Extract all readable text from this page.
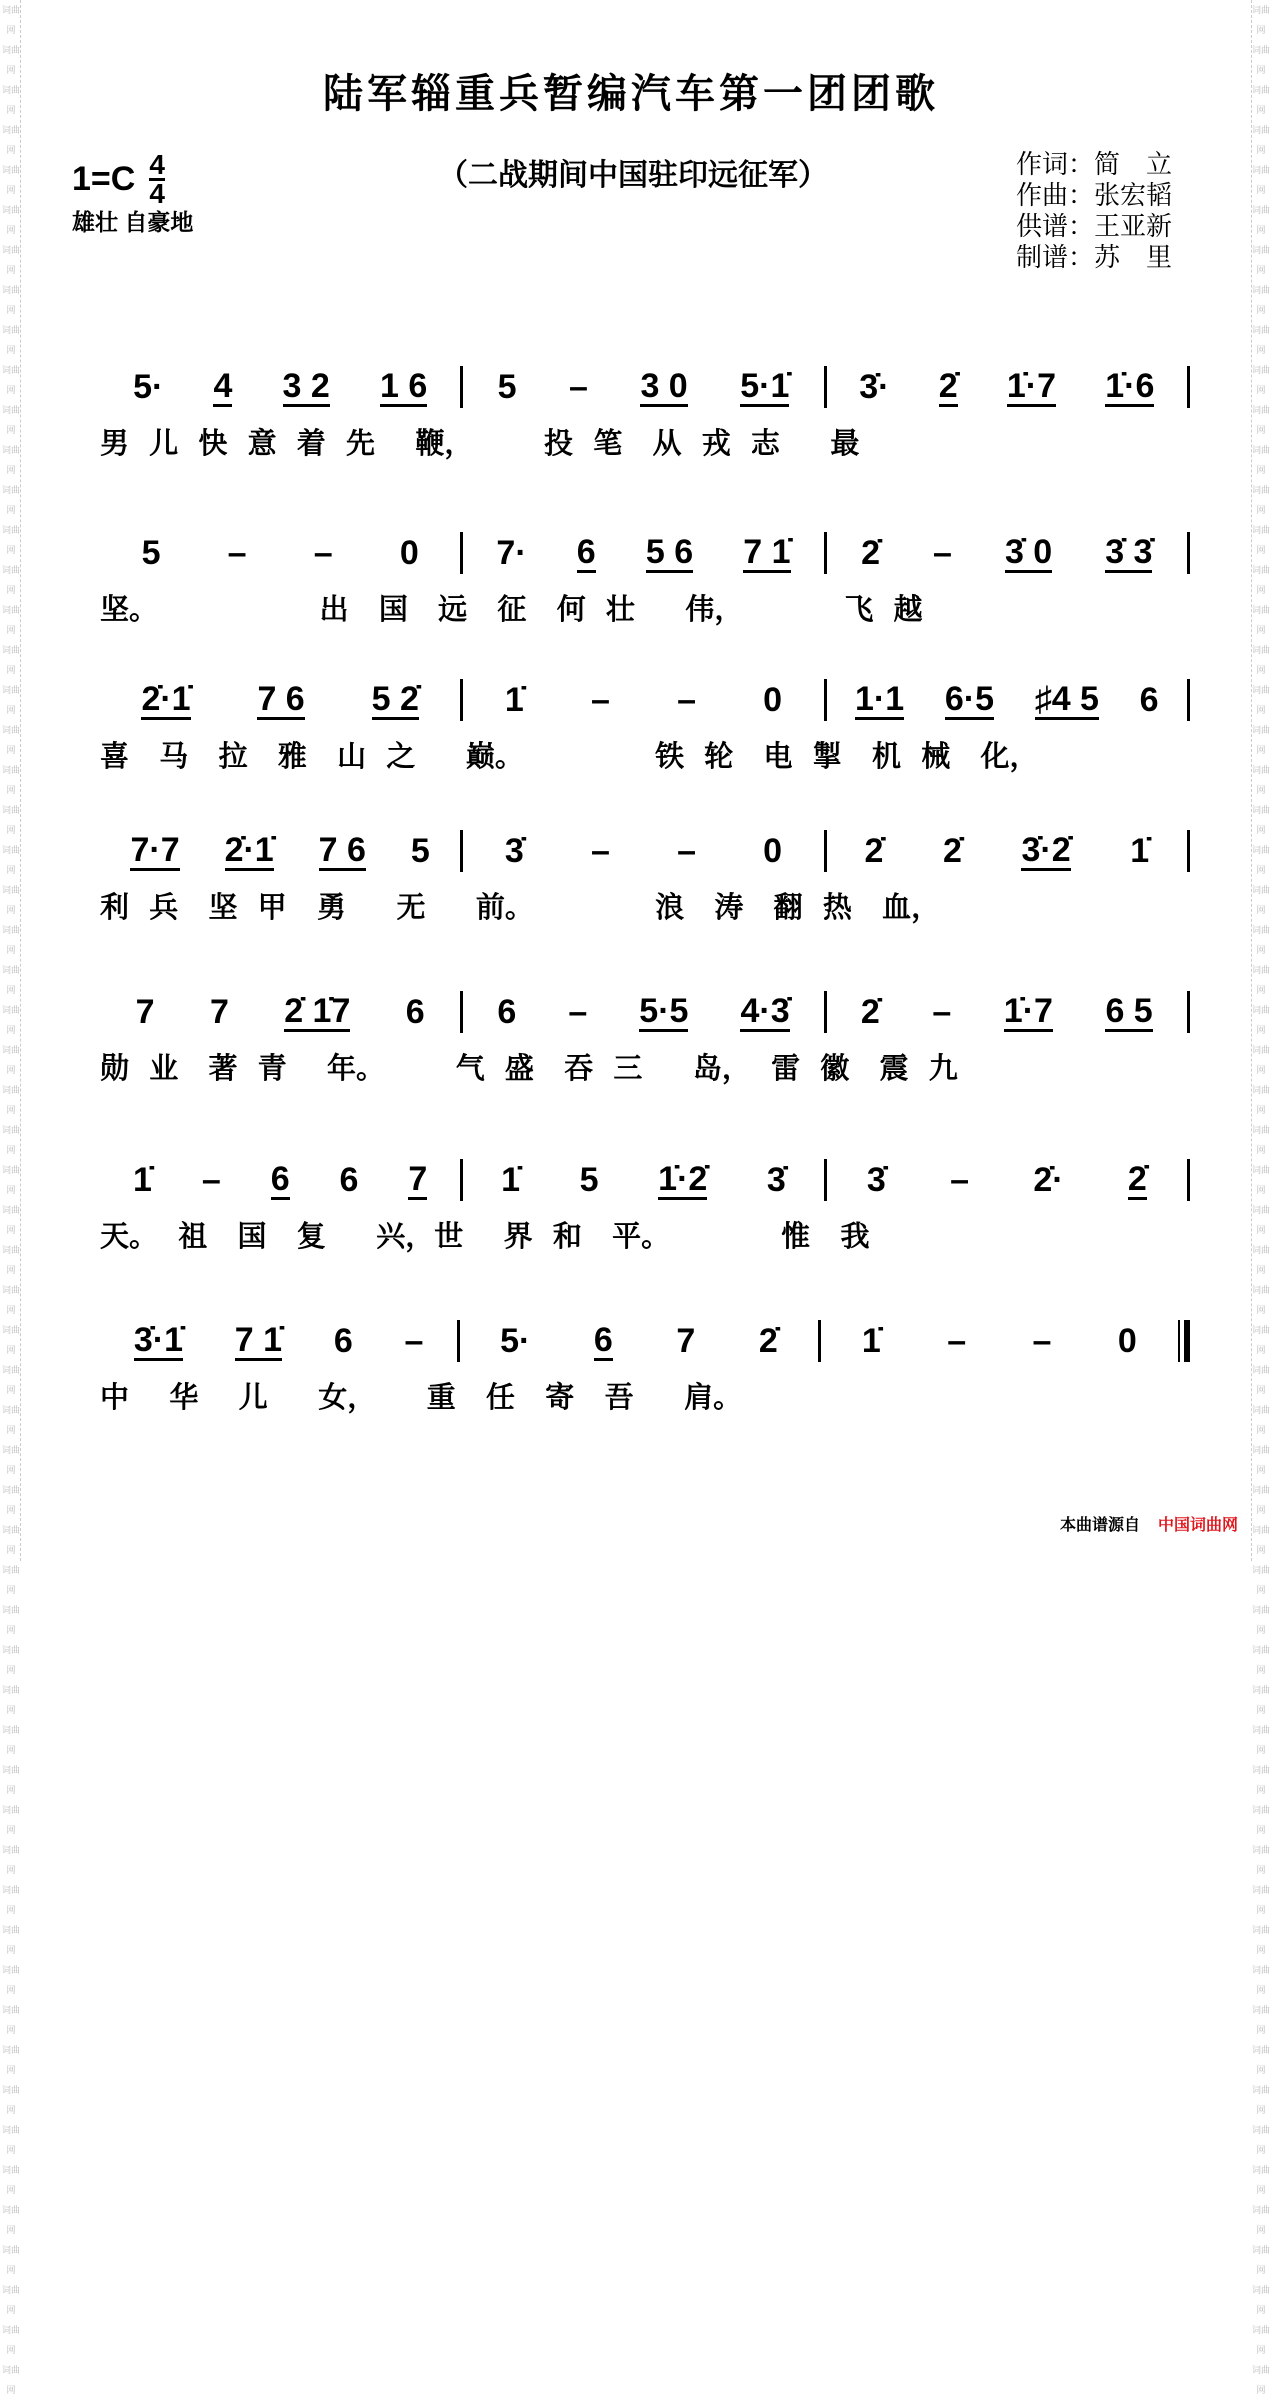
词曲网 词曲网 词曲网 词曲网 词曲网 词曲网 词曲网 词曲网 词曲网 词曲网 词曲网 词曲网 词曲网 词曲网 词曲网 词曲网 词曲网 词曲网 词曲网 词曲网 词曲网 词曲网 词曲网 词曲网 词曲网 词曲网 词曲网 词曲网 词曲网 词曲网 词曲网 词曲网 词曲网 词曲网 词曲网 词曲网 词曲网 词曲网 词曲网 词曲网 词曲网 词曲网 词曲网 词曲网 词曲网 词曲网 词曲网 词曲网 词曲网 词曲网 词曲网 词曲网 词曲网 词曲网 词曲网 词曲网 词曲网 词曲网 词曲网 词曲网
词曲网 词曲网 词曲网 词曲网 词曲网 词曲网 词曲网 词曲网 词曲网 词曲网 词曲网 词曲网 词曲网 词曲网 词曲网 词曲网 词曲网 词曲网 词曲网 词曲网 词曲网 词曲网 词曲网 词曲网 词曲网 词曲网 词曲网 词曲网 词曲网 词曲网 词曲网 词曲网 词曲网 词曲网 词曲网 词曲网 词曲网 词曲网 词曲网 词曲网 词曲网 词曲网 词曲网 词曲网 词曲网 词曲网 词曲网 词曲网 词曲网 词曲网 词曲网 词曲网 词曲网 词曲网 词曲网 词曲网 词曲网 词曲网 词曲网 词曲网
陆军辎重兵暂编汽车第一团团歌
$1=C \frac{4}{4}$
雄壮 自豪地
（二战期间中国驻印远征军）	作词：简　立
作曲：张宏韬
供谱：王亚新
制谱：苏　里
5· 4 3 2 1 6 5 – 3 0 5·1̇ 3̇· 2̇ 1̇·7 1̇·6
男  儿  快  意  着  先    鞭，       投  笔   从  戎  志     最
5 – – 0 7· 6 5 6 7 1̇ 2̇ – 3̇ 0 3̇ 3̇
坚。                出   国   远   征   何  壮     伟，          飞  越
2̇·1̇ 7 6 5 2̇	1̇ – – 0 1·1 6·5 ♯4 5 6
喜   马   拉   雅   山  之     巅。             铁  轮   电  掣   机  械   化，
7·7 2̇·1̇ 7 6 5 3̇ – – 0 2̇ 2̇ 3̇·2̇ 1̇
利  兵   坚  甲   勇     无     前。            浪   涛   翻  热   血，
7 7 2̇ 1̇7 6 6 – 5·5 4·3̇ 2̇ – 1̇·7 6 5
勋  业   著  青    年。       气  盛   吞  三     岛，  雷  徽   震  九
1̇ – 6 6 7 1̇ 5 1̇·2̇ 3̇ 3̇ – 2̇· 2̇
天。  祖   国   复     兴，世    界  和   平。           惟   我
3̇·1̇ 7 1̇ 6 – 5· 6 7 2̇ 1̇ – – 0
中    华    儿     女，     重   任   寄   吾     肩。
本曲谱源自 中国词曲网
